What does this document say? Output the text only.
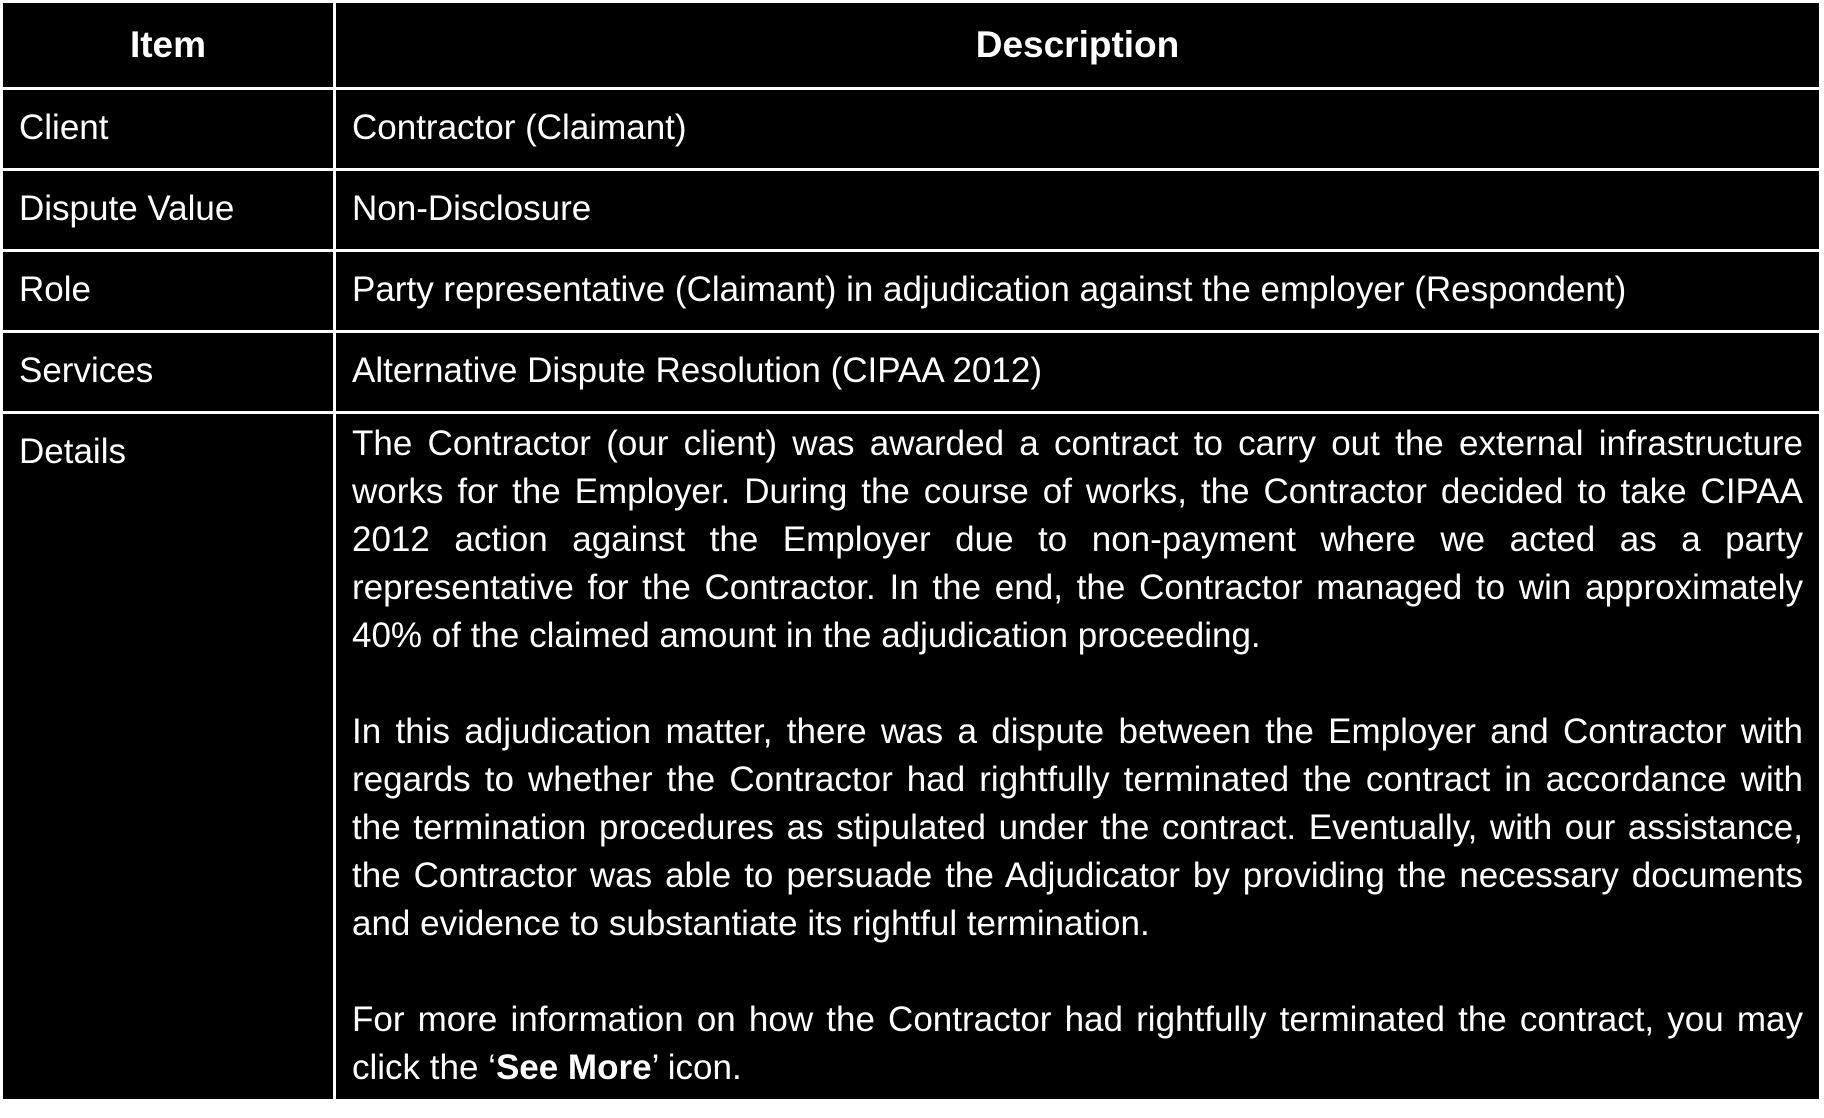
Item	Description
Client	Contractor (Claimant)
Dispute Value	Non-Disclosure
Role	Party representative (Claimant) in adjudication against the employer (Respondent)
Services	Alternative Dispute Resolution (CIPAA 2012)
Details	The Contractor (our client) was awarded a contract to carry out the external infrastructure works for the Employer. During the course of works, the Contractor decided to take CIPAA 2012 action against the Employer due to non-payment where we acted as a party representative for the Contractor. In the end, the Contractor managed to win approximately 40% of the claimed amount in the adjudication proceeding.

In this adjudication matter, there was a dispute between the Employer and Contractor with regards to whether the Contractor had rightfully terminated the contract in accordance with the termination procedures as stipulated under the contract. Eventually, with our assistance, the Contractor was able to persuade the Adjudicator by providing the necessary documents and evidence to substantiate its rightful termination.

For more information on how the Contractor had rightfully terminated the contract, you may click the ‘See More’ icon.
